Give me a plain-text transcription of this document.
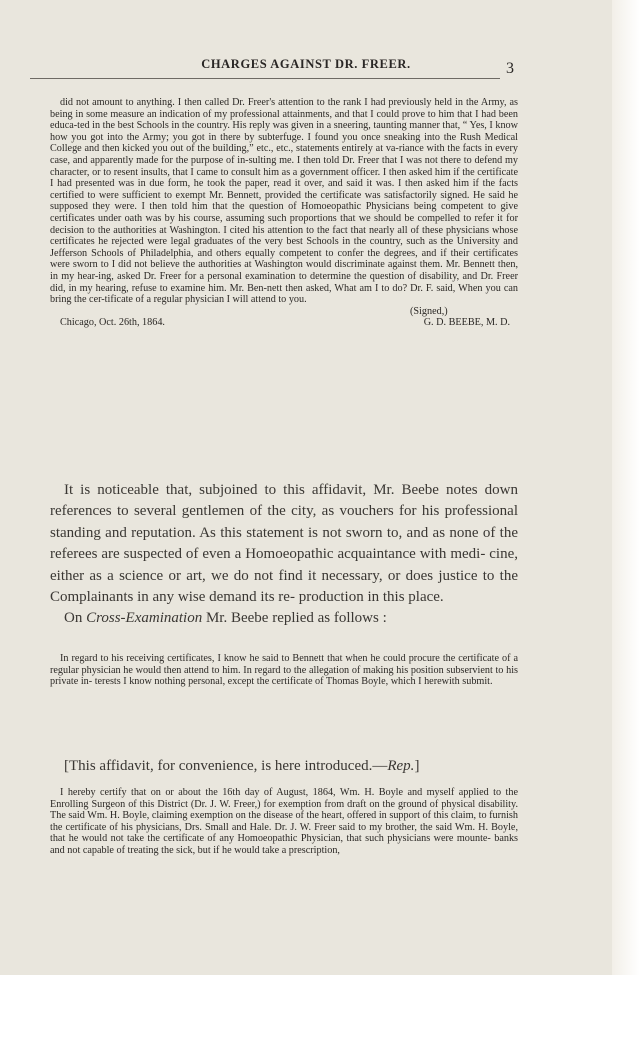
CHARGES AGAINST DR. FREER.	3

did not amount to anything. I then called Dr. Freer's attention to the rank I had previously held in the Army, as being in some measure an indication of my professional attainments, and that I could prove to him that I had been educa-ted in the best Schools in the country. His reply was given in a sneering, taunting manner that, “ Yes, I know how you got into the Army; you got in there by subterfuge. I found you once sneaking into the Rush Medical College and then kicked you out of the building,” etc., etc., statements entirely at va-riance with the facts in every case, and apparently made for the purpose of in-sulting me. I then told Dr. Freer that I was not there to defend my character, or to resent insults, that I came to consult him as a government officer. I then asked him if the certificate I had presented was in due form, he took the paper, read it over, and said it was. I then asked him if the facts certified to were sufficient to exempt Mr. Bennett, provided the certificate was satisfactorily signed. He said he supposed they were. I then told him that the question of Homoeopathic Physicians being competent to give certificates under oath was by his course, assuming such proportions that we should be compelled to refer it for decision to the authorities at Washington. I cited his attention to the fact that nearly all of these physicians whose certificates he rejected were legal graduates of the very best Schools in the country, such as the University and Jefferson Schools of Philadelphia, and others equally competent to confer the degrees, and if their certificates were sworn to I did not believe the authorities at Washington would discriminate against them. Mr. Bennett then, in my hear-ing, asked Dr. Freer for a personal examination to determine the question of disability, and Dr. Freer did, in my hearing, refuse to examine him. Mr. Ben-nett then asked, What am I to do? Dr. F. said, When you can bring the cer-tificate of a regular physician I will attend to you.

(Signed,)
Chicago, Oct. 26th, 1864.	G. D. BEEBE, M. D.

It is noticeable that, subjoined to this affidavit, Mr. Beebe notes down references to several gentlemen of the city, as vouchers for his professional standing and reputation. As this statement is not sworn to, and as none of the referees are suspected of even a Homoeopathic acquaintance with medi- cine, either as a science or art, we do not find it necessary, or does justice to the Complainants in any wise demand its re- production in this place.

On Cross-Examination Mr. Beebe replied as follows :

In regard to his receiving certificates, I know he said to Bennett that when he could procure the certificate of a regular physician he would then attend to him. In regard to the allegation of making his position subservient to his private in- terests I know nothing personal, except the certificate of Thomas Boyle, which I herewith submit.

[This affidavit, for convenience, is here introduced.—Rep.]

I hereby certify that on or about the 16th day of August, 1864, Wm. H. Boyle and myself applied to the Enrolling Surgeon of this District (Dr. J. W. Freer,) for exemption from draft on the ground of physical disability. The said Wm. H. Boyle, claiming exemption on the disease of the heart, offered in support of this claim, to furnish the certificate of his physicians, Drs. Small and Hale. Dr. J. W. Freer said to my brother, the said Wm. H. Boyle, that he would not take the certificate of any Homoeopathic Physician, that such physicians were mounte- banks and not capable of treating the sick, but if he would take a prescription,
